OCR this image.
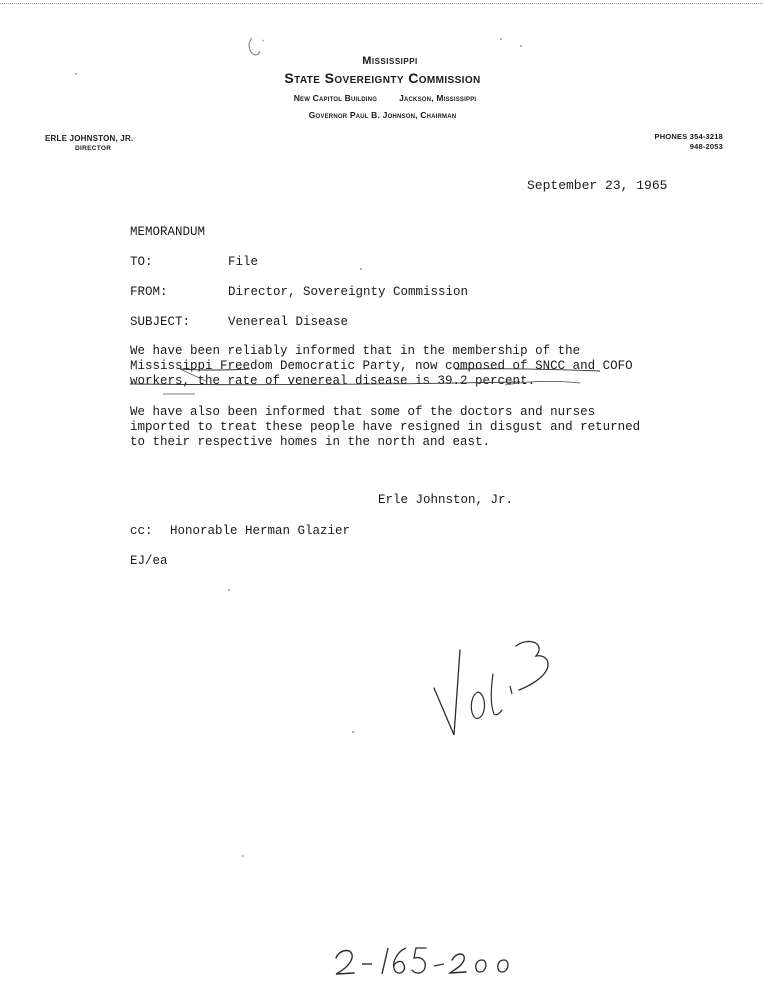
Mississippi
State Sovereignty Commission
New Capitol Building	Jackson, Mississippi
Governor Paul B. Johnson, Chairman
ERLE JOHNSTON, JR.
DIRECTOR
PHONES 354-3218
948-2053
September 23, 1965
MEMORANDUM
TO:	File
FROM:	Director, Sovereignty Commission
SUBJECT:	Venereal Disease
We have been reliably informed that in the membership of the
Mississippi Freedom Democratic Party, now composed of SNCC and COFO
workers, the rate of venereal disease is 39.2 percent.
We have also been informed that some of the doctors and nurses
imported to treat these people have resigned in disgust and returned
to their respective homes in the north and east.
Erle Johnston, Jr.
cc: Honorable Herman Glazier
EJ/ea
